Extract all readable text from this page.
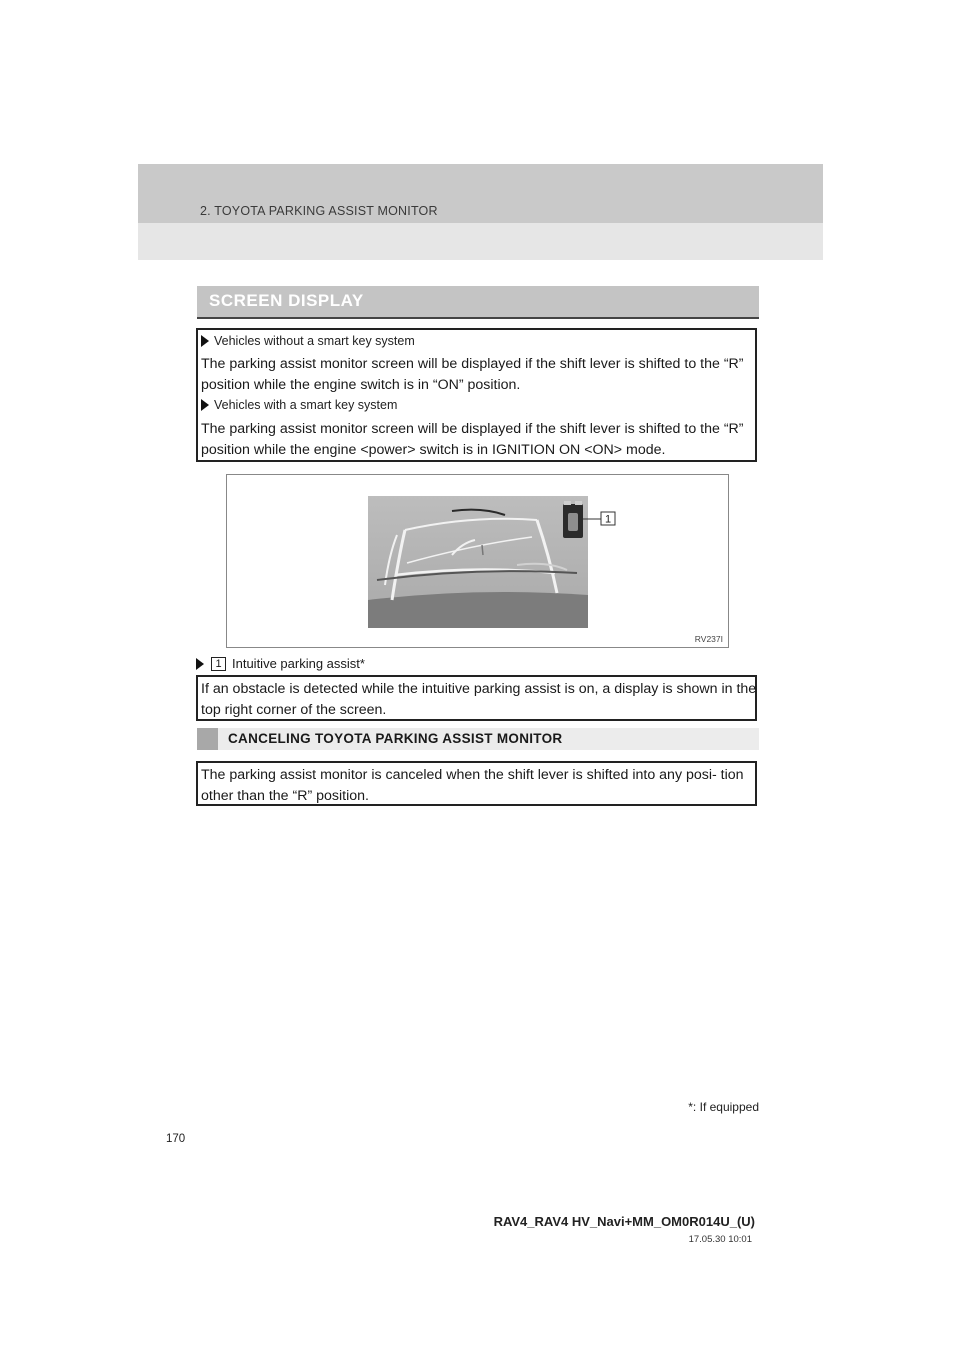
2. TOYOTA PARKING ASSIST MONITOR
SCREEN DISPLAY
Vehicles without a smart key system
The parking assist monitor screen will be displayed if the shift lever is shifted to the “R” position while the engine switch is in “ON” position.
Vehicles with a smart key system
The parking assist monitor screen will be displayed if the shift lever is shifted to the “R” position while the engine <power> switch is in IGNITION ON <ON> mode.
1
RV237I
1 Intuitive parking assist*
If an obstacle is detected while the intuitive parking assist is on, a display is shown in the top right corner of the screen.
CANCELING TOYOTA PARKING ASSIST MONITOR
The parking assist monitor is canceled when the shift lever is shifted into any posi- tion other than the “R” position.
*: If equipped
170
RAV4_RAV4 HV_Navi+MM_OM0R014U_(U)
17.05.30 10:01
